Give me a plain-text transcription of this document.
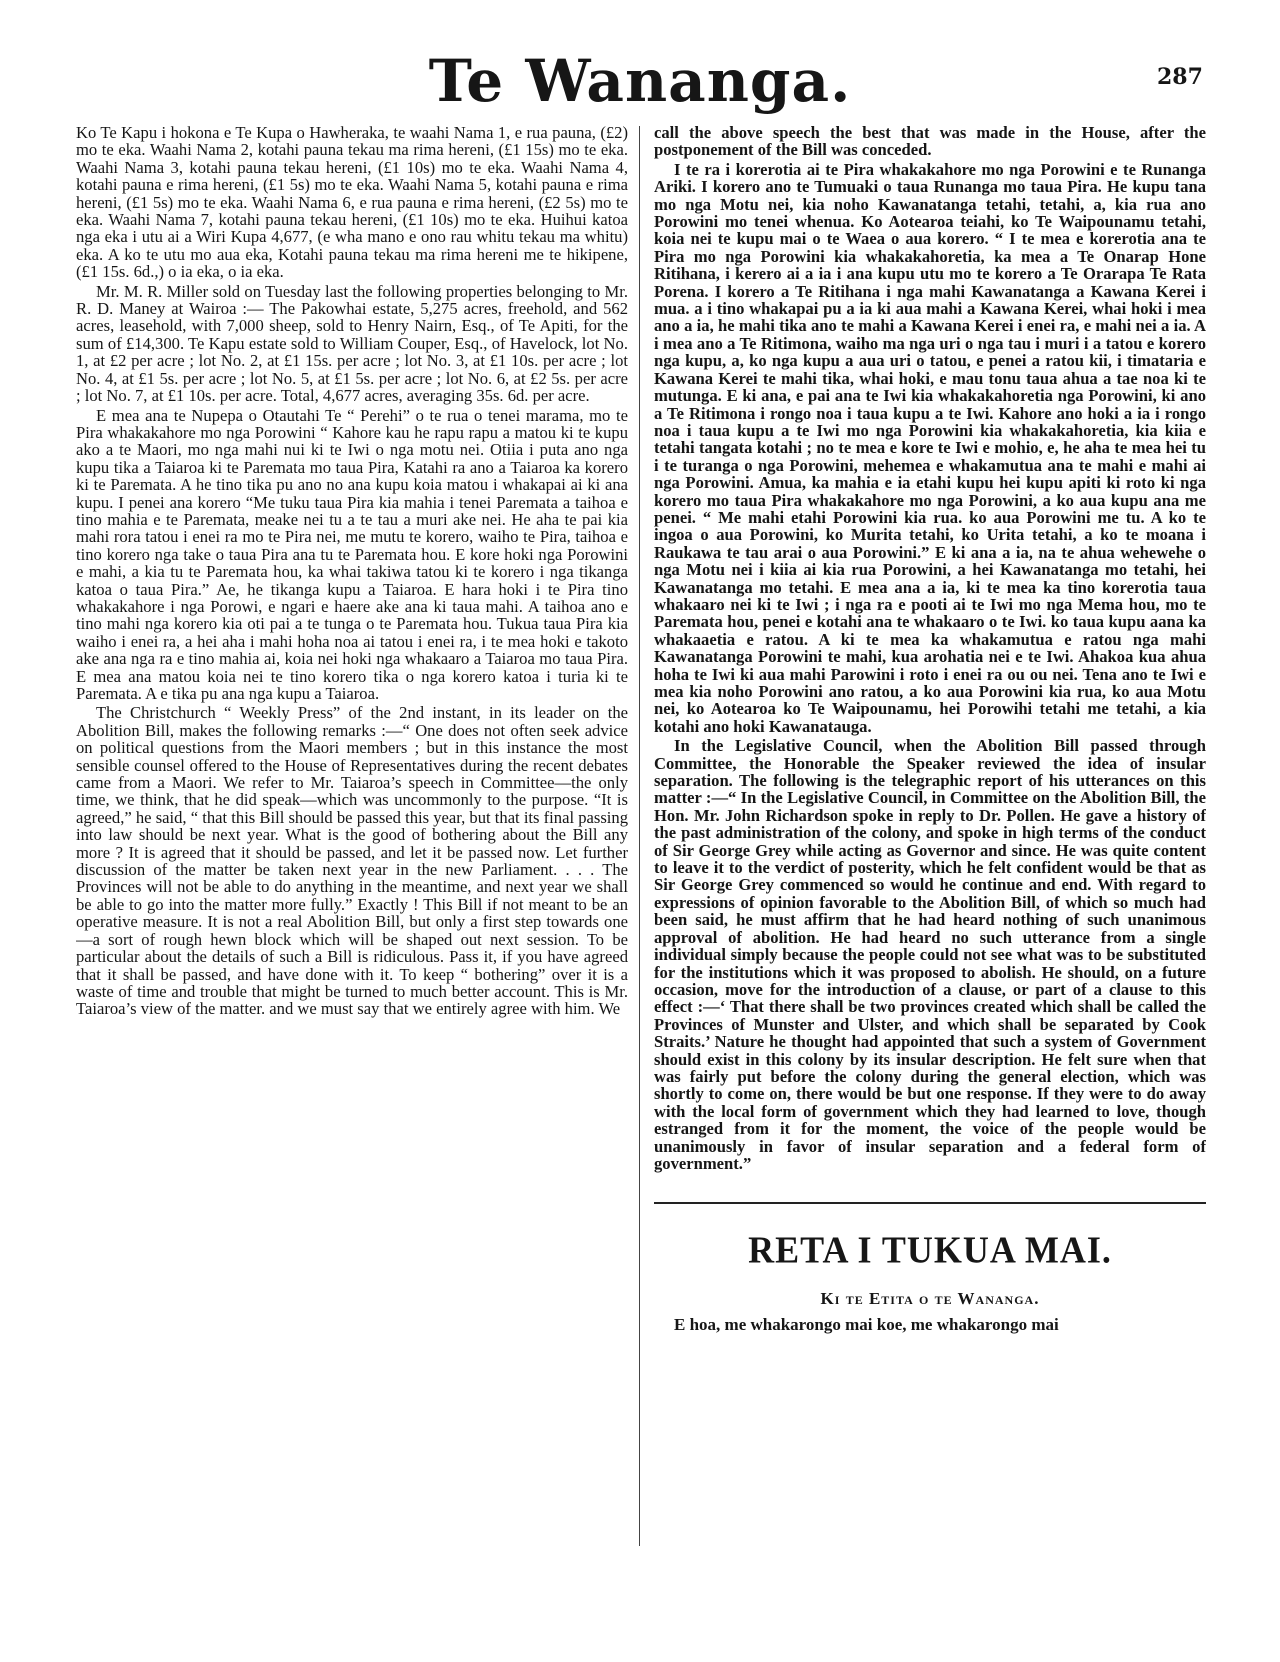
Te Wananga.	287

Ko Te Kapu i hokona e Te Kupa o Hawheraka, te waahi Nama 1, e rua pauna, (£2) mo te eka. Waahi Nama 2, kotahi pauna tekau ma rima hereni, (£1 15s) mo te eka. Waahi Nama 3, kotahi pauna tekau hereni, (£1 10s) mo te eka. Waahi Nama 4, kotahi pauna e rima hereni, (£1 5s) mo te eka. Waahi Nama 5, kotahi pauna e rima hereni, (£1 5s) mo te eka. Waahi Nama 6, e rua pauna e rima hereni, (£2 5s) mo te eka. Waahi Nama 7, kotahi pauna tekau hereni, (£1 10s) mo te eka. Huihui katoa nga eka i utu ai a Wiri Kupa 4,677, (e wha mano e ono rau whitu tekau ma whitu) eka. A ko te utu mo aua eka, Kotahi pauna tekau ma rima hereni me te hikipene, (£1 15s. 6d.,) o ia eka, o ia eka.

Mr. M. R. Miller sold on Tuesday last the following properties belonging to Mr. R. D. Maney at Wairoa :— The Pakowhai estate, 5,275 acres, freehold, and 562 acres, leasehold, with 7,000 sheep, sold to Henry Nairn, Esq., of Te Apiti, for the sum of £14,300. Te Kapu estate sold to William Couper, Esq., of Havelock, lot No. 1, at £2 per acre ; lot No. 2, at £1 15s. per acre ; lot No. 3, at £1 10s. per acre ; lot No. 4, at £1 5s. per acre ; lot No. 5, at £1 5s. per acre ; lot No. 6, at £2 5s. per acre ; lot No. 7, at £1 10s. per acre. Total, 4,677 acres, averaging 35s. 6d. per acre.

E mea ana te Nupepa o Otautahi Te “ Perehi” o te rua o tenei marama, mo te Pira whakakahore mo nga Porowini “ Kahore kau he rapu rapu a matou ki te kupu ako a te Maori, mo nga mahi nui ki te Iwi o nga motu nei. Otiia i puta ano nga kupu tika a Taiaroa ki te Paremata mo taua Pira, Katahi ra ano a Taiaroa ka korero ki te Paremata. A he tino tika pu ano no ana kupu koia matou i whakapai ai ki ana kupu. I penei ana korero “Me tuku taua Pira kia mahia i tenei Paremata a taihoa e tino mahia e te Paremata, meake nei tu a te tau a muri ake nei. He aha te pai kia mahi rora tatou i enei ra mo te Pira nei, me mutu te korero, waiho te Pira, taihoa e tino korero nga take o taua Pira ana tu te Paremata hou. E kore hoki nga Porowini e mahi, a kia tu te Paremata hou, ka whai takiwa tatou ki te korero i nga tikanga katoa o taua Pira.” Ae, he tikanga kupu a Taiaroa. E hara hoki i te Pira tino whakakahore i nga Porowi, e ngari e haere ake ana ki taua mahi. A taihoa ano e tino mahi nga korero kia oti pai a te tunga o te Paremata hou. Tukua taua Pira kia waiho i enei ra, a hei aha i mahi hoha noa ai tatou i enei ra, i te mea hoki e takoto ake ana nga ra e tino mahia ai, koia nei hoki nga whakaaro a Taiaroa mo taua Pira. E mea ana matou koia nei te tino korero tika o nga korero katoa i turia ki te Paremata. A e tika pu ana nga kupu a Taiaroa.

The Christchurch “ Weekly Press” of the 2nd instant, in its leader on the Abolition Bill, makes the following remarks :—“ One does not often seek advice on political questions from the Maori members ; but in this instance the most sensible counsel offered to the House of Representatives during the recent debates came from a Maori. We refer to Mr. Taiaroa’s speech in Committee—the only time, we think, that he did speak—which was uncommonly to the purpose. “It is agreed,” he said, “ that this Bill should be passed this year, but that its final passing into law should be next year. What is the good of bothering about the Bill any more ? It is agreed that it should be passed, and let it be passed now. Let further discussion of the matter be taken next year in the new Parliament. . . . The Provinces will not be able to do anything in the meantime, and next year we shall be able to go into the matter more fully.” Exactly ! This Bill if not meant to be an operative measure. It is not a real Abolition Bill, but only a first step towards one—a sort of rough hewn block which will be shaped out next session. To be particular about the details of such a Bill is ridiculous. Pass it, if you have agreed that it shall be passed, and have done with it. To keep “ bothering” over it is a waste of time and trouble that might be turned to much better account. This is Mr. Taiaroa’s view of the matter. and we must say that we entirely agree with him. We

call the above speech the best that was made in the House, after the postponement of the Bill was conceded.

I te ra i korerotia ai te Pira whakakahore mo nga Porowini e te Runanga Ariki. I korero ano te Tumuaki o taua Runanga mo taua Pira. He kupu tana mo nga Motu nei, kia noho Kawanatanga tetahi, tetahi, a, kia rua ano Porowini mo tenei whenua. Ko Aotearoa teiahi, ko Te Waipounamu tetahi, koia nei te kupu mai o te Waea o aua korero. “ I te mea e korerotia ana te Pira mo nga Porowini kia whakakahoretia, ka mea a Te Onarap Hone Ritihana, i kerero ai a ia i ana kupu utu mo te korero a Te Orarapa Te Rata Porena. I korero a Te Ritihana i nga mahi Kawanatanga a Kawana Kerei i mua. a i tino whakapai pu a ia ki aua mahi a Kawana Kerei, whai hoki i mea ano a ia, he mahi tika ano te mahi a Kawana Kerei i enei ra, e mahi nei a ia. A i mea ano a Te Ritimona, waiho ma nga uri o nga tau i muri i a tatou e korero nga kupu, a, ko nga kupu a aua uri o tatou, e penei a ratou kii, i timataria e Kawana Kerei te mahi tika, whai hoki, e mau tonu taua ahua a tae noa ki te mutunga. E ki ana, e pai ana te Iwi kia whakakahoretia nga Porowini, ki ano a Te Ritimona i rongo noa i taua kupu a te Iwi. Kahore ano hoki a ia i rongo noa i taua kupu a te Iwi mo nga Porowini kia whakakahoretia, kia kiia e tetahi tangata kotahi ; no te mea e kore te Iwi e mohio, e, he aha te mea hei tu i te turanga o nga Porowini, mehemea e whakamutua ana te mahi e mahi ai nga Porowini. Amua, ka mahia e ia etahi kupu hei kupu apiti ki roto ki nga korero mo taua Pira whakakahore mo nga Porowini, a ko aua kupu ana me penei. “ Me mahi etahi Porowini kia rua. ko aua Porowini me tu. A ko te ingoa o aua Porowini, ko Murita tetahi, ko Urita tetahi, a ko te moana i Raukawa te tau arai o aua Porowini.” E ki ana a ia, na te ahua wehewehe o nga Motu nei i kiia ai kia rua Porowini, a hei Kawanatanga mo tetahi, hei Kawanatanga mo tetahi. E mea ana a ia, ki te mea ka tino korerotia taua whakaaro nei ki te Iwi ; i nga ra e pooti ai te Iwi mo nga Mema hou, mo te Paremata hou, penei e kotahi ana te whakaaro o te Iwi. ko taua kupu aana ka whakaaetia e ratou. A ki te mea ka whakamutua e ratou nga mahi Kawanatanga Porowini te mahi, kua arohatia nei e te Iwi. Ahakoa kua ahua hoha te Iwi ki aua mahi Parowini i roto i enei ra ou ou nei. Tena ano te Iwi e mea kia noho Porowini ano ratou, a ko aua Porowini kia rua, ko aua Motu nei, ko Aotearoa ko Te Waipounamu, hei Porowihi tetahi me tetahi, a kia kotahi ano hoki Kawanatauga.

In the Legislative Council, when the Abolition Bill passed through Committee, the Honorable the Speaker reviewed the idea of insular separation. The following is the telegraphic report of his utterances on this matter :—“ In the Legislative Council, in Committee on the Abolition Bill, the Hon. Mr. John Richardson spoke in reply to Dr. Pollen. He gave a history of the past administration of the colony, and spoke in high terms of the conduct of Sir George Grey while acting as Governor and since. He was quite content to leave it to the verdict of posterity, which he felt confident would be that as Sir George Grey commenced so would he continue and end. With regard to expressions of opinion favorable to the Abolition Bill, of which so much had been said, he must affirm that he had heard nothing of such unanimous approval of abolition. He had heard no such utterance from a single individual simply because the people could not see what was to be substituted for the institutions which it was proposed to abolish. He should, on a future occasion, move for the introduction of a clause, or part of a clause to this effect :—‘ That there shall be two provinces created which shall be called the Provinces of Munster and Ulster, and which shall be separated by Cook Straits.’ Nature he thought had appointed that such a system of Government should exist in this colony by its insular description. He felt sure when that was fairly put before the colony during the general election, which was shortly to come on, there would be but one response. If they were to do away with the local form of government which they had learned to love, though estranged from it for the moment, the voice of the people would be unanimously in favor of insular separation and a federal form of government.”

RETA I TUKUA MAI.
Ki te Etita o te Wananga.

E hoa, me whakarongo mai koe, me whakarongo mai
